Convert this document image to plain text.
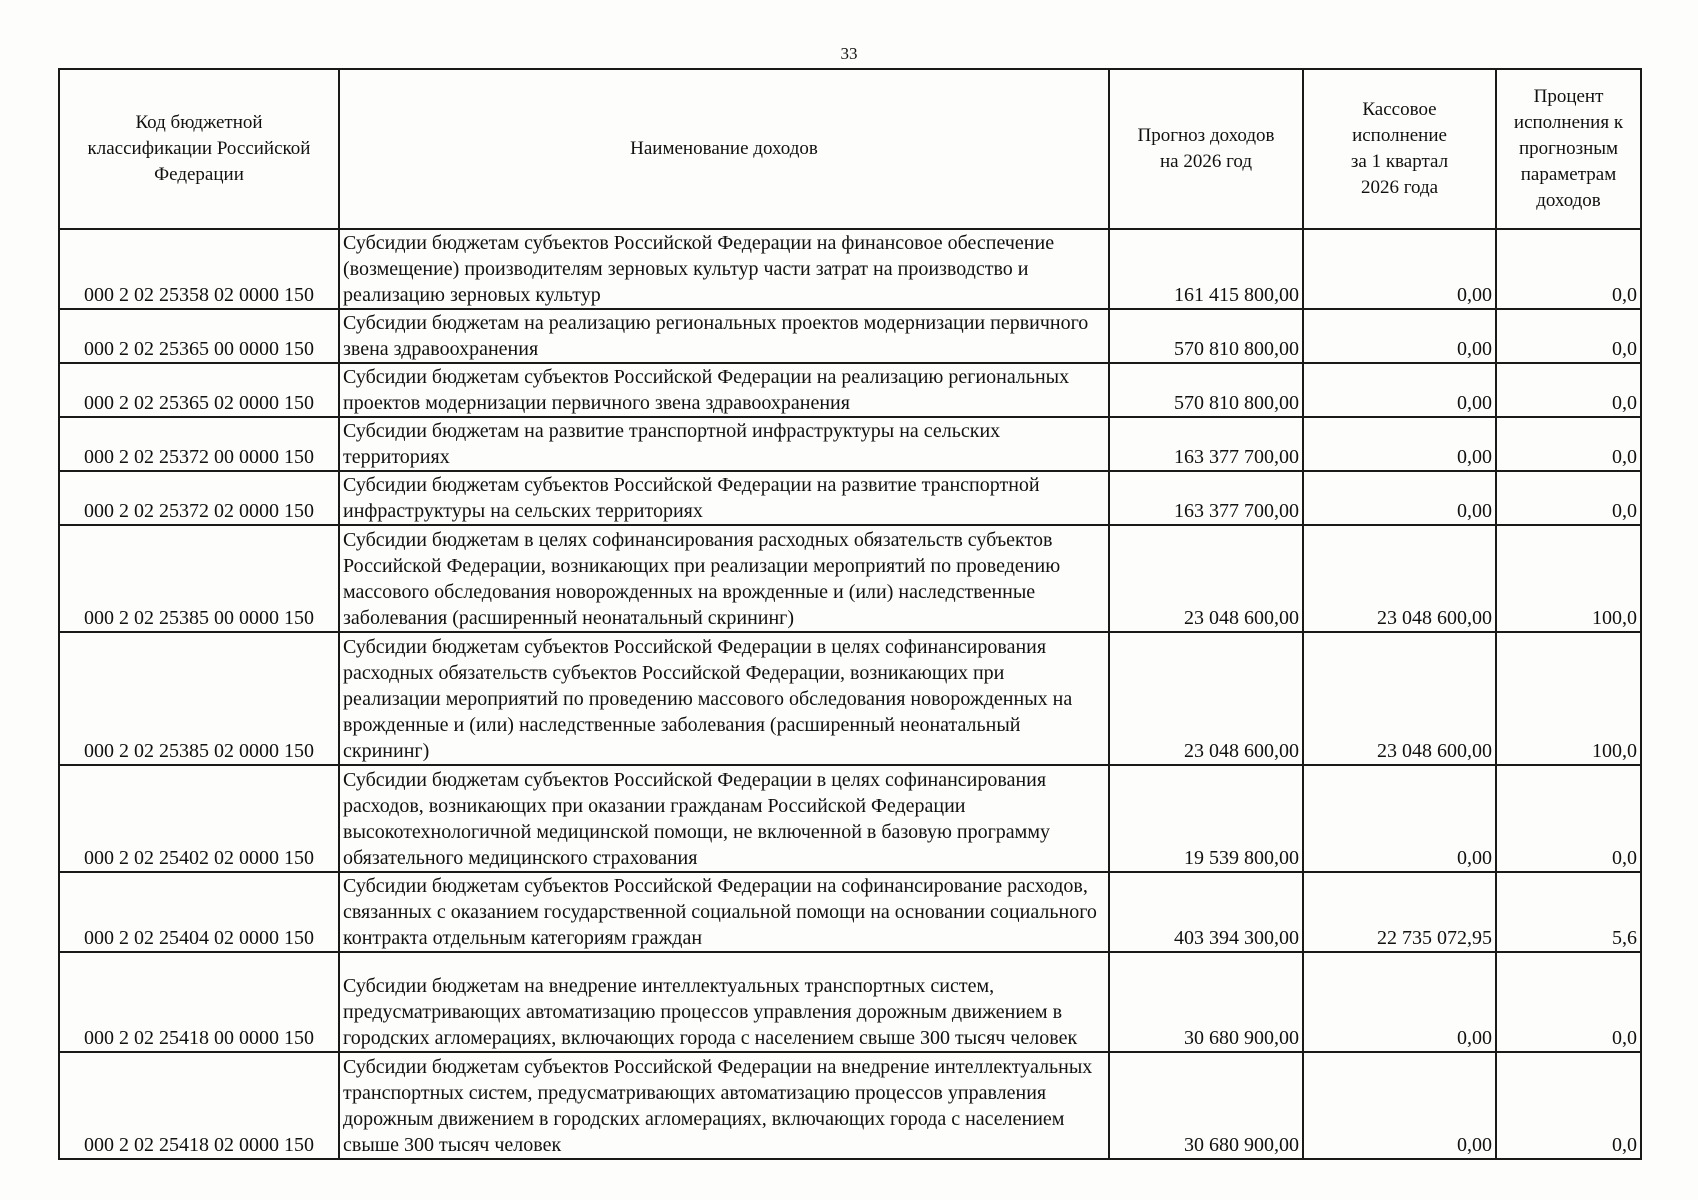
33
Код бюджетной классификации Российской Федерации	Наименование доходов	Прогноз доходов на 2026 год	Кассовое исполнение за 1 квартал 2026 года	Процент исполнения к прогнозным параметрам доходов
000 2 02 25358 02 0000 150	Субсидии бюджетам субъектов Российской Федерации на финансовое обеспечение (возмещение) производителям зерновых культур части затрат на производство и реализацию зерновых культур	161 415 800,00	0,00	0,0
000 2 02 25365 00 0000 150	Субсидии бюджетам на реализацию региональных проектов модернизации первичного звена здравоохранения	570 810 800,00	0,00	0,0
000 2 02 25365 02 0000 150	Субсидии бюджетам субъектов Российской Федерации на реализацию региональных проектов модернизации первичного звена здравоохранения	570 810 800,00	0,00	0,0
000 2 02 25372 00 0000 150	Субсидии бюджетам на развитие транспортной инфраструктуры на сельских территориях	163 377 700,00	0,00	0,0
000 2 02 25372 02 0000 150	Субсидии бюджетам субъектов Российской Федерации на развитие транспортной инфраструктуры на сельских территориях	163 377 700,00	0,00	0,0
000 2 02 25385 00 0000 150	Субсидии бюджетам в целях софинансирования расходных обязательств субъектов Российской Федерации, возникающих при реализации мероприятий по проведению массового обследования новорожденных на врожденные и (или) наследственные заболевания (расширенный неонатальный скрининг)	23 048 600,00	23 048 600,00	100,0
000 2 02 25385 02 0000 150	Субсидии бюджетам субъектов Российской Федерации в целях софинансирования расходных обязательств субъектов Российской Федерации, возникающих при реализации мероприятий по проведению массового обследования новорожденных на врожденные и (или) наследственные заболевания (расширенный неонатальный скрининг)	23 048 600,00	23 048 600,00	100,0
000 2 02 25402 02 0000 150	Субсидии бюджетам субъектов Российской Федерации в целях софинансирования расходов, возникающих при оказании гражданам Российской Федерации высокотехнологичной медицинской помощи, не включенной в базовую программу обязательного медицинского страхования	19 539 800,00	0,00	0,0
000 2 02 25404 02 0000 150	Субсидии бюджетам субъектов Российской Федерации на софинансирование расходов, связанных с оказанием государственной социальной помощи на основании социального контракта отдельным категориям граждан	403 394 300,00	22 735 072,95	5,6
000 2 02 25418 00 0000 150	Субсидии бюджетам на внедрение интеллектуальных транспортных систем, предусматривающих автоматизацию процессов управления дорожным движением в городских агломерациях, включающих города с населением свыше 300 тысяч человек	30 680 900,00	0,00	0,0
000 2 02 25418 02 0000 150	Субсидии бюджетам субъектов Российской Федерации на внедрение интеллектуальных транспортных систем, предусматривающих автоматизацию процессов управления дорожным движением в городских агломерациях, включающих города с населением свыше 300 тысяч человек	30 680 900,00	0,00	0,0
